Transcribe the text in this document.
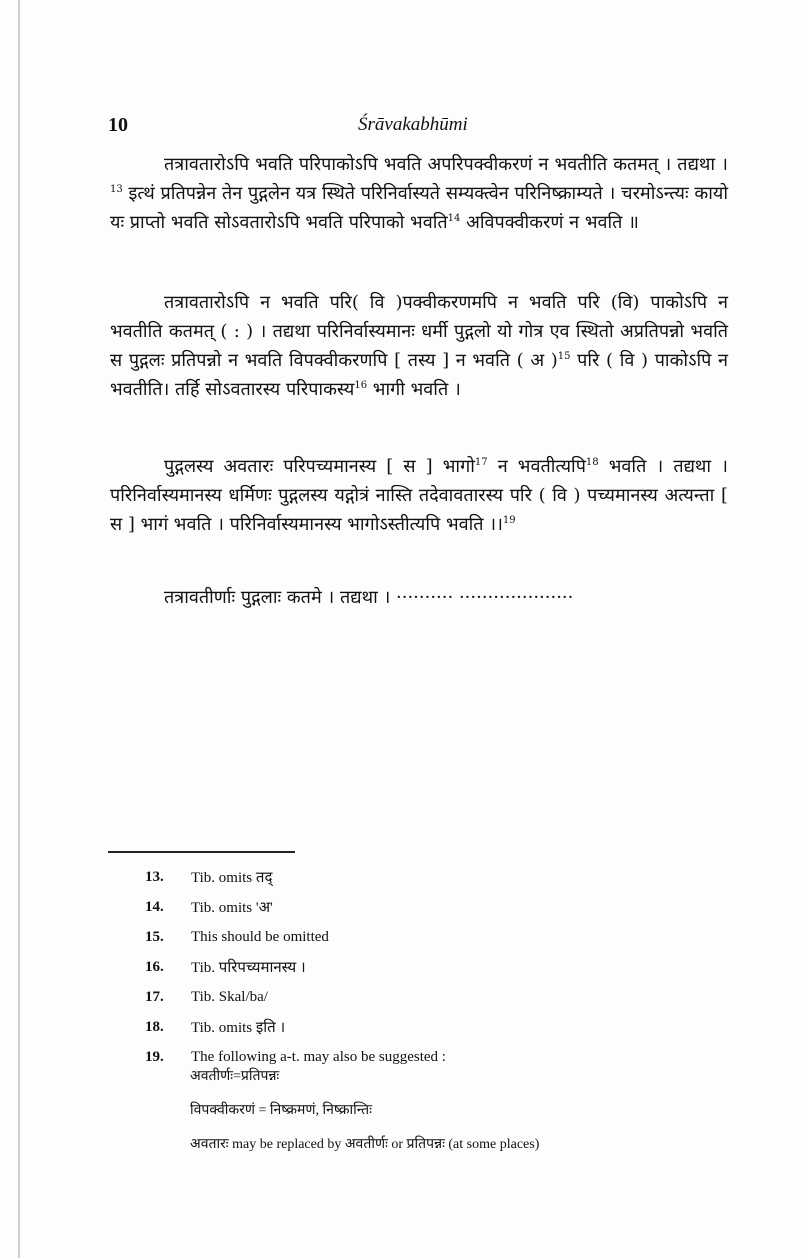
10	Śrāvakabhūmi

तत्रावतारोऽपि भवति परिपाकोऽपि भवति अपरिपक्वीकरणं न भवतीति कतमत् । तद्यथा ।$^{13}$ इत्थं प्रतिपन्नेन तेन पुद्गलेन यत्र स्थिते परिनिर्वास्यते सम्यक्त्वेन परिनिष्क्राम्यते । चरमोऽन्त्यः कायो यः प्राप्तो भवति सोऽवतारोऽपि भवति परिपाको भवति$^{14}$ अविपक्वीकरणं न भवति ॥

तत्रावतारोऽपि न भवति परि( वि )पक्वीकरणमपि न भवति परि (वि) पाकोऽपि न भवतीति कतमत् ( : ) । तद्यथा परिनिर्वास्यमानः धर्मी पुद्गलो यो गोत्र एव स्थितो अप्रतिपन्नो भवति स पुद्गलः प्रतिपन्नो न भवति विपक्वीकरणपि [ तस्य ] न भवति ( अ )$^{15}$ परि ( वि ) पाकोऽपि न भवतीति। तर्हि सोऽवतारस्य परिपाकस्य$^{16}$ भागी भवति ।

पुद्गलस्य अवतारः परिपच्यमानस्य [ स ] भागो$^{17}$ न भवतीत्यपि$^{18}$ भवति । तद्यथा । परिनिर्वास्यमानस्य धर्मिणः पुद्गलस्य यद्गोत्रं नास्ति तदेवावतारस्य परि ( वि ) पच्यमानस्य अत्यन्ता [ स ] भागं भवति । परिनिर्वास्यमानस्य भागोऽस्तीत्यपि भवति ।।$^{19}$

तत्रावतीर्णाः पुद्गलाः कतमे । तद्यथा । ·········· ····················

13.	Tib. omits तद्
14.	Tib. omits 'अ'
15.	This should be omitted
16.	Tib. परिपच्यमानस्य ।
17.	Tib. Skal/ba/
18.	Tib. omits इति ।
19.	The following a-t. may also be suggested :
अवतीर्णः=प्रतिपन्नः
विपक्वीकरणं = निष्क्रमणं, निष्क्रान्तिः
अवतारः may be replaced by अवतीर्णः or प्रतिपन्नः (at some places)
